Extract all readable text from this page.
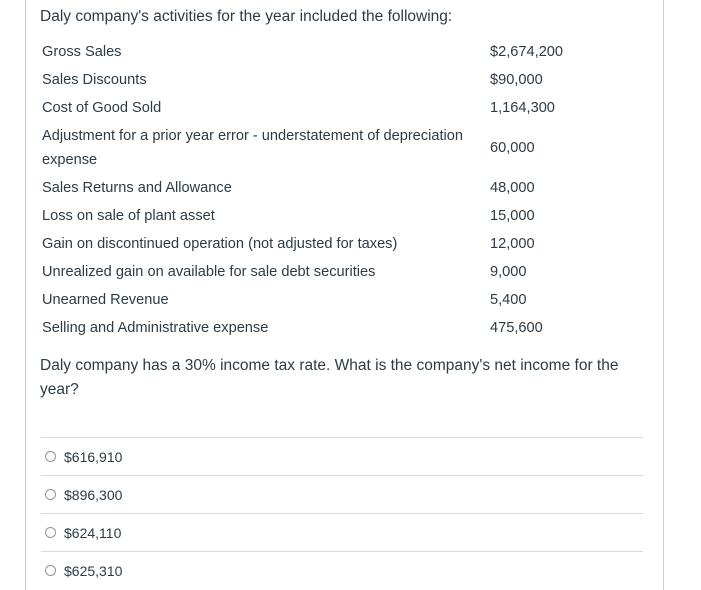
Daly company's activities for the year included the following:
Gross Sales	$2,674,200
Sales Discounts	$90,000
Cost of Good Sold	1,164,300
Adjustment for a prior year error - understatement of depreciation expense	60,000
Sales Returns and Allowance	48,000
Loss on sale of plant asset	15,000
Gain on discontinued operation (not adjusted for taxes)	12,000
Unrealized gain on available for sale debt securities	9,000
Unearned Revenue	5,400
Selling and Administrative expense	475,600
Daly company has a 30% income tax rate. What is the company's net income for the year?
$616,910
$896,300
$624,110
$625,310
